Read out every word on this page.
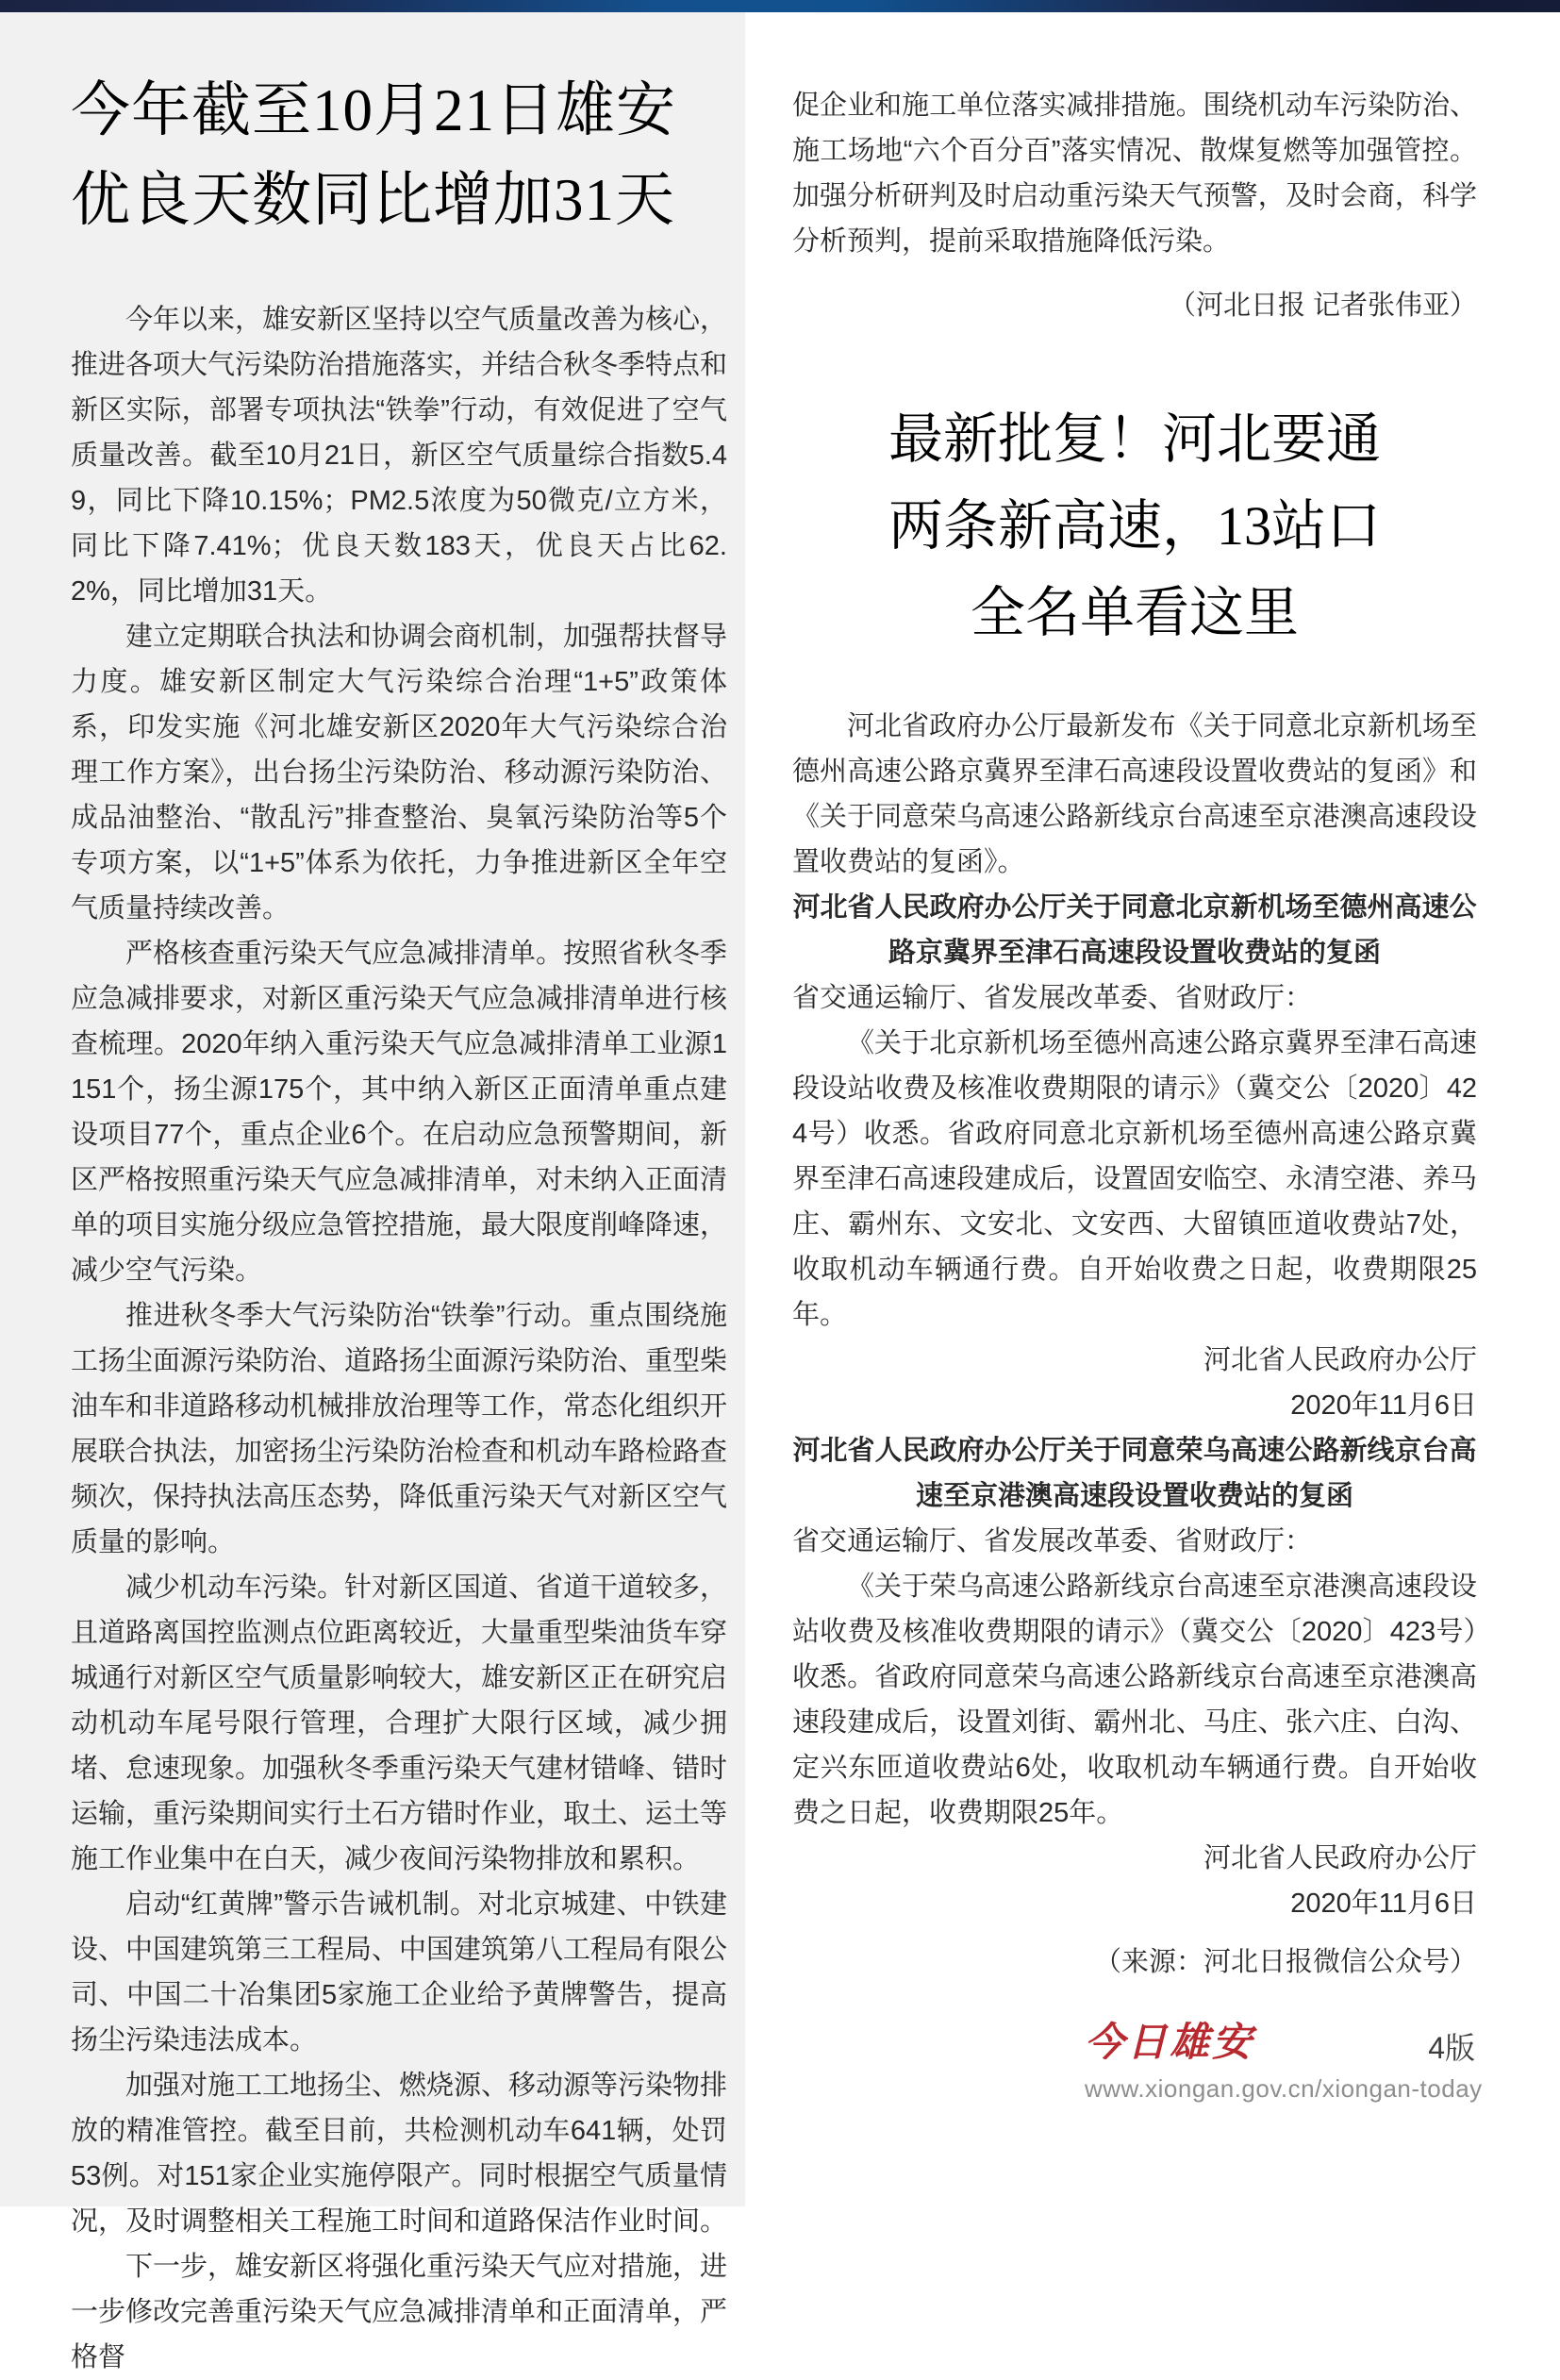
今年截至10月21日雄安
优良天数同比增加31天

今年以来，雄安新区坚持以空气质量改善为核心，推进各项大气污染防治措施落实，并结合秋冬季特点和新区实际，部署专项执法“铁拳”行动，有效促进了空气质量改善。截至10月21日，新区空气质量综合指数5.49，同比下降10.15%；PM2.5浓度为50微克/立方米，同比下降7.41%；优良天数183天，优良天占比62.2%，同比增加31天。

建立定期联合执法和协调会商机制，加强帮扶督导力度。雄安新区制定大气污染综合治理“1+5”政策体系，印发实施《河北雄安新区2020年大气污染综合治理工作方案》，出台扬尘污染防治、移动源污染防治、成品油整治、“散乱污”排查整治、臭氧污染防治等5个专项方案，以“1+5”体系为依托，力争推进新区全年空气质量持续改善。

严格核查重污染天气应急减排清单。按照省秋冬季应急减排要求，对新区重污染天气应急减排清单进行核查梳理。2020年纳入重污染天气应急减排清单工业源1151个，扬尘源175个，其中纳入新区正面清单重点建设项目77个，重点企业6个。在启动应急预警期间，新区严格按照重污染天气应急减排清单，对未纳入正面清单的项目实施分级应急管控措施，最大限度削峰降速，减少空气污染。

推进秋冬季大气污染防治“铁拳”行动。重点围绕施工扬尘面源污染防治、道路扬尘面源污染防治、重型柴油车和非道路移动机械排放治理等工作，常态化组织开展联合执法，加密扬尘污染防治检查和机动车路检路查频次，保持执法高压态势，降低重污染天气对新区空气质量的影响。

减少机动车污染。针对新区国道、省道干道较多，且道路离国控监测点位距离较近，大量重型柴油货车穿城通行对新区空气质量影响较大，雄安新区正在研究启动机动车尾号限行管理，合理扩大限行区域，减少拥堵、怠速现象。加强秋冬季重污染天气建材错峰、错时运输，重污染期间实行土石方错时作业，取土、运土等施工作业集中在白天，减少夜间污染物排放和累积。

启动“红黄牌”警示告诫机制。对北京城建、中铁建设、中国建筑第三工程局、中国建筑第八工程局有限公司、中国二十冶集团5家施工企业给予黄牌警告，提高扬尘污染违法成本。

加强对施工工地扬尘、燃烧源、移动源等污染物排放的精准管控。截至目前，共检测机动车641辆，处罚53例。对151家企业实施停限产。同时根据空气质量情况，及时调整相关工程施工时间和道路保洁作业时间。

下一步，雄安新区将强化重污染天气应对措施，进一步修改完善重污染天气应急减排清单和正面清单，严格督

促企业和施工单位落实减排措施。围绕机动车污染防治、施工场地“六个百分百”落实情况、散煤复燃等加强管控。加强分析研判及时启动重污染天气预警，及时会商，科学分析预判，提前采取措施降低污染。

（河北日报 记者张伟亚）

最新批复！河北要通
两条新高速，13站口
全名单看这里

河北省政府办公厅最新发布《关于同意北京新机场至德州高速公路京冀界至津石高速段设置收费站的复函》和《关于同意荣乌高速公路新线京台高速至京港澳高速段设置收费站的复函》。

河北省人民政府办公厅关于同意北京新机场至德州高速公路京冀界至津石高速段设置收费站的复函

省交通运输厅、省发展改革委、省财政厅：

《关于北京新机场至德州高速公路京冀界至津石高速段设站收费及核准收费期限的请示》（冀交公〔2020〕424号）收悉。省政府同意北京新机场至德州高速公路京冀界至津石高速段建成后，设置固安临空、永清空港、养马庄、霸州东、文安北、文安西、大留镇匝道收费站7处，收取机动车辆通行费。自开始收费之日起，收费期限25年。

河北省人民政府办公厅

2020年11月6日

河北省人民政府办公厅关于同意荣乌高速公路新线京台高速至京港澳高速段设置收费站的复函

省交通运输厅、省发展改革委、省财政厅：

《关于荣乌高速公路新线京台高速至京港澳高速段设站收费及核准收费期限的请示》（冀交公〔2020〕423号）收悉。省政府同意荣乌高速公路新线京台高速至京港澳高速段建成后，设置刘街、霸州北、马庄、张六庄、白沟、定兴东匝道收费站6处，收取机动车辆通行费。自开始收费之日起，收费期限25年。

河北省人民政府办公厅

2020年11月6日

（来源：河北日报微信公众号）

今日雄安	4版
www.xiongan.gov.cn/xiongan-today
